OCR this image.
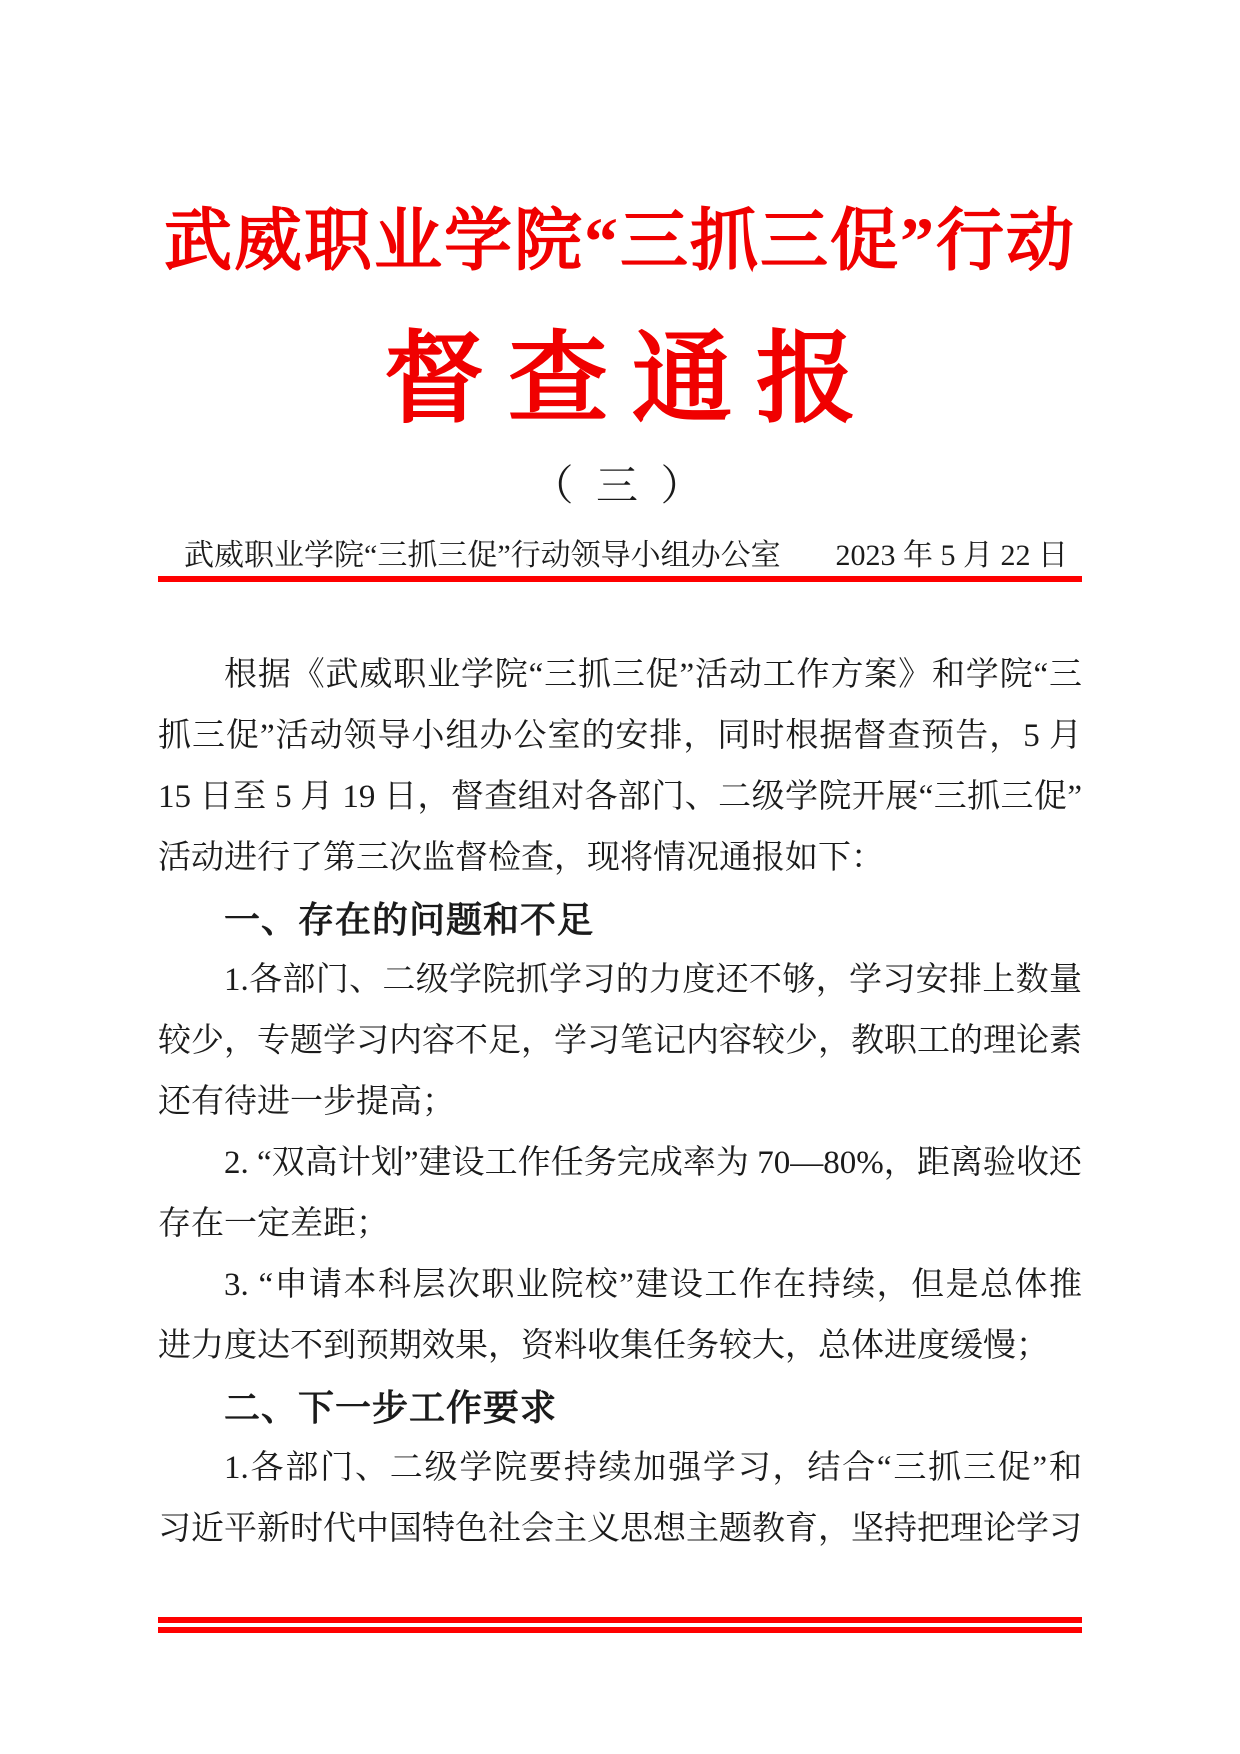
武威职业学院“三抓三促”行动
督查通报
（ 三 ）
武威职业学院“三抓三促”行动领导小组办公室 2023 年 5 月 22 日
根据《武威职业学院“三抓三促”活动工作方案》和学院“三
抓三促”活动领导小组办公室的安排，同时根据督查预告，5 月
15 日至 5 月 19 日，督查组对各部门、二级学院开展“三抓三促”
活动进行了第三次监督检查，现将情况通报如下：
一、存在的问题和不足
1.各部门、二级学院抓学习的力度还不够，学习安排上数量
较少，专题学习内容不足，学习笔记内容较少，教职工的理论素
还有待进一步提高；
2. “双高计划”建设工作任务完成率为 70—80%，距离验收还
存在一定差距；
3. “申请本科层次职业院校”建设工作在持续，但是总体推
进力度达不到预期效果，资料收集任务较大，总体进度缓慢；
二、下一步工作要求
1.各部门、二级学院要持续加强学习，结合“三抓三促”和
习近平新时代中国特色社会主义思想主题教育，坚持把理论学习
